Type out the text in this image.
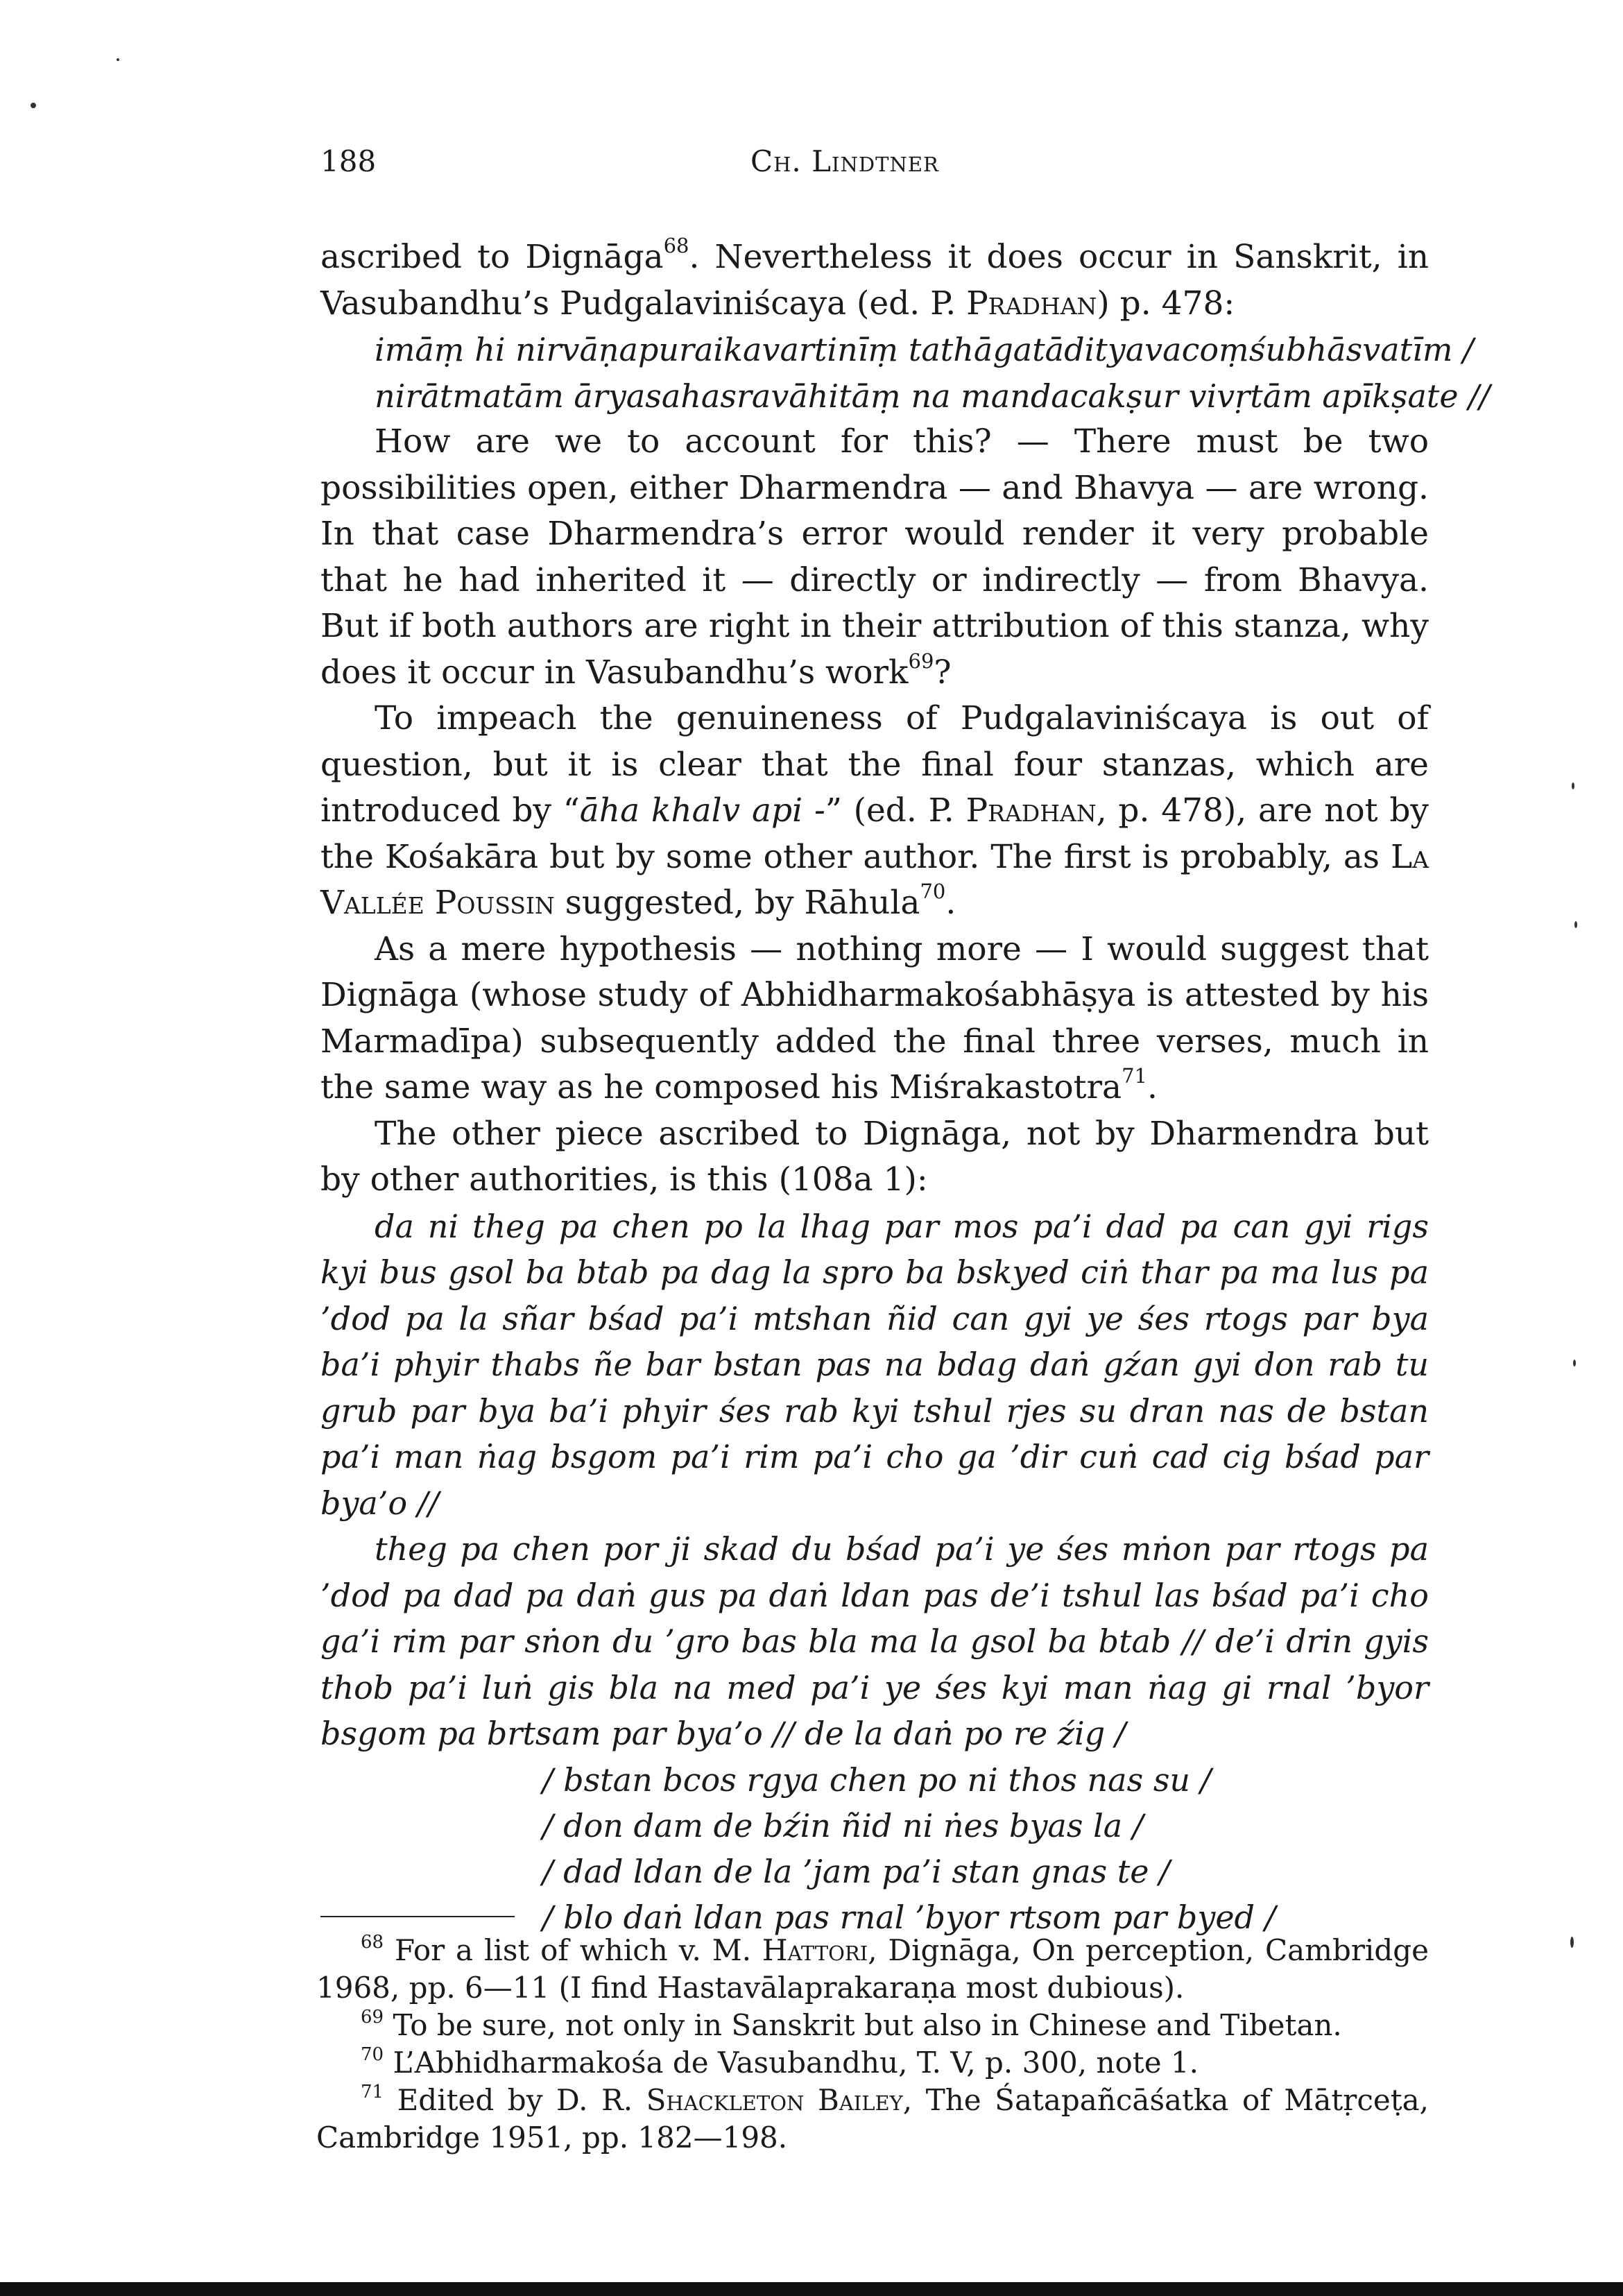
188	Ch. Lindtner

ascribed to Dignāga$^{68}$. Nevertheless it does occur in Sanskrit, in Vasubandhu’s Pudgalaviniścaya (ed. P. Pradhan) p. 478:

imāṃ hi nirvāṇapuraikavartinīṃ tathāgatādityavacoṃśubhāsvatīm /
nirātmatām āryasahasravāhitāṃ na mandacakṣur vivṛtām apīkṣate //

How are we to account for this? — There must be two possibilities open, either Dharmendra — and Bhavya — are wrong. In that case Dharmendra’s error would render it very probable that he had inherited it — directly or indirectly — from Bhavya. But if both authors are right in their attribution of this stanza, why does it occur in Vasubandhu’s work$^{69}$?

To impeach the genuineness of Pudgalaviniścaya is out of question, but it is clear that the final four stanzas, which are introduced by “āha khalv api -” (ed. P. Pradhan, p. 478), are not by the Kośakāra but by some other author. The first is probably, as La Vallée Poussin suggested, by Rāhula$^{70}$.

As a mere hypothesis — nothing more — I would suggest that Dignāga (whose study of Abhidharmakośabhāṣya is attested by his Marmadīpa) subsequently added the final three verses, much in the same way as he composed his Miśrakastotra$^{71}$.

The other piece ascribed to Dignāga, not by Dharmendra but by other authorities, is this (108a 1):

da ni theg pa chen po la lhag par mos pa’i dad pa can gyi rigs kyi bus gsol ba btab pa dag la spro ba bskyed ciṅ thar pa ma lus pa ’dod pa la sñar bśad pa’i mtshan ñid can gyi ye śes rtogs par bya ba’i phyir thabs ñe bar bstan pas na bdag daṅ gźan gyi don rab tu grub par bya ba’i phyir śes rab kyi tshul rjes su dran nas de bstan pa’i man ṅag bsgom pa’i rim pa’i cho ga ’dir cuṅ cad cig bśad par bya’o //

theg pa chen por ji skad du bśad pa’i ye śes mṅon par rtogs pa ’dod pa dad pa daṅ gus pa daṅ ldan pas de’i tshul las bśad pa’i cho ga’i rim par sṅon du ’gro bas bla ma la gsol ba btab // de’i drin gyis thob pa’i luṅ gis bla na med pa’i ye śes kyi man ṅag gi rnal ’byor bsgom pa brtsam par bya’o // de la daṅ po re źig /

/ bstan bcos rgya chen po ni thos nas su /
/ don dam de bźin ñid ni ṅes byas la /
/ dad ldan de la ’jam pa’i stan gnas te /
/ blo daṅ ldan pas rnal ’byor rtsom par byed /

$^{68}$ For a list of which v. M. Hattori, Dignāga, On perception, Cambridge 1968, pp. 6—11 (I find Hastavālaprakaraṇa most dubious).

$^{69}$ To be sure, not only in Sanskrit but also in Chinese and Tibetan.

$^{70}$ L’Abhidharmakośa de Vasubandhu, T. V, p. 300, note 1.

$^{71}$ Edited by D. R. Shackleton Bailey, The Śatapañcāśatka of Mātṛceṭa, Cambridge 1951, pp. 182—198.
